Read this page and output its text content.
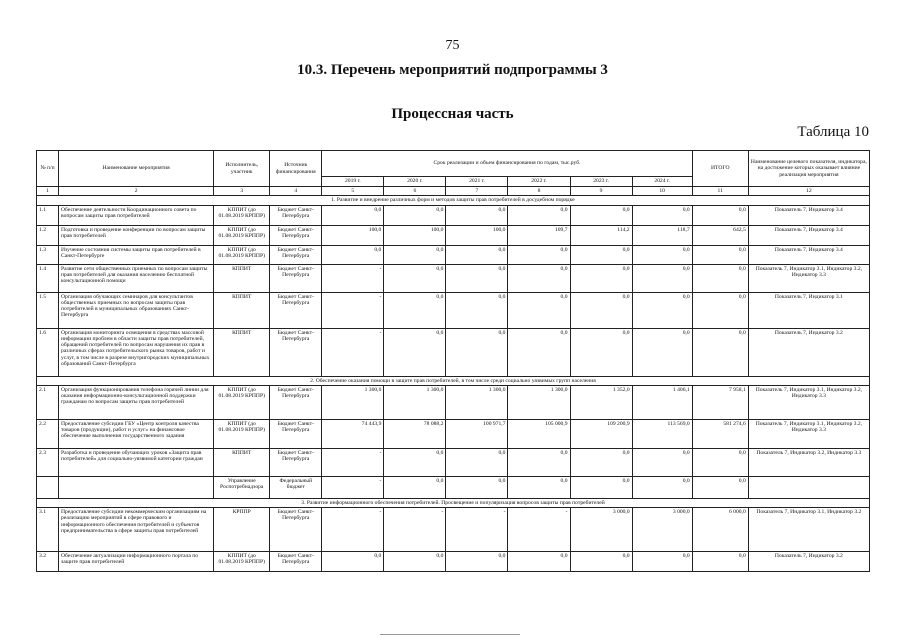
75
10.3. Перечень мероприятий подпрограммы 3
Процессная часть
Таблица 10
№ п/п	Наименование мероприятия	Исполнитель, участник	Источник финансирования	Срок реализации и объем финансирования по годам, тыс.руб.						ИТОГО	Наименование целевого показателя, индикатора, на достижение которых оказывает влияние реализация мероприятия
				2019 г.	2020 г.	2021 г.	2022 г.	2023 г.	2024 г.		
1	2	3	4	5	6	7	8	9	10	11	12
1. Развитие и внедрение различных форм и методов защиты прав потребителей в досудебном порядке											
1.1	Обеспечение деятельности Координационного совета по вопросам защиты прав потребителей	КППИТ (до 01.08.2019 КРППР)	Бюджет Санкт-Петербурга	0,0	0,0	0,0	0,0	0,0	0,0	0,0	Показатель 7, Индикатор 3.4
1.2	Подготовка и проведение конференции по вопросам защиты прав потребителей	КППИТ (до 01.08.2019 КРППР)	Бюджет Санкт-Петербурга	100,0	100,0	100,0	109,7	114,2	118,7	642,5	Показатель 7, Индикатор 3.4
1.3	Изучение состояния системы защиты прав потребителей в Санкт-Петербурге	КППИТ (до 01.08.2019 КРППР)	Бюджет Санкт-Петербурга	0,0	0,0	0,0	0,0	0,0	0,0	0,0	Показатель 7, Индикатор 3.4
1.4	Развитие сети общественных приемных по вопросам защиты прав потребителей для оказания населению бесплатной консультационной помощи	КППИТ	Бюджет Санкт-Петербурга	-	0,0	0,0	0,0	0,0	0,0	0,0	Показатель 7, Индикатор 3.1, Индикатор 3.2, Индикатор 3.3
1.5	Организация обучающих семинаров для консультантов общественных приемных по вопросам защиты прав потребителей в муниципальных образованиях Санкт-Петербурга	КППИТ	Бюджет Санкт-Петербурга	-	0,0	0,0	0,0	0,0	0,0	0,0	Показатель 7, Индикатор 3.1
1.6	Организация мониторинга освещения в средствах массовой информации проблем в области защиты прав потребителей, обращений потребителей по вопросам нарушения их прав в различных сферах потребительского рынка товаров, работ и услуг, в том числе в разрезе внутригородских муниципальных образований Санкт-Петербурга	КППИТ	Бюджет Санкт-Петербурга	-	0,0	0,0	0,0	0,0	0,0	0,0	Показатель 7, Индикатор 3.2
2. Обеспечение оказания помощи в защите прав потребителей, в том числе среди социально уязвимых групп населения											
2.1	Организация функционирования телефона горячей линии для оказания информационно-консультационной поддержки гражданам по вопросам защиты прав потребителей	КППИТ (до 01.08.2019 КРППР)	Бюджет Санкт-Петербурга	1 300,0	1 300,0	1 300,0	1 300,0	1 352,0	1 406,1	7 958,1	Показатель 7, Индикатор 3.1, Индикатор 3.2, Индикатор 3.3
2.2	Предоставление субсидии ГБУ «Центр контроля качества товаров (продукции), работ и услуг» на финансовое обеспечение выполнения государственного задания	КППИТ (до 01.08.2019 КРППР)	Бюджет Санкт-Петербурга	74 443,9	78 088,2	100 971,7	105 000,9	109 200,9	113 569,0	581 274,6	Показатель 7, Индикатор 3.1, Индикатор 3.2, Индикатор 3.3
2.3	Разработка и проведение обучающих уроков «Защита прав потребителей» для социально-уязвимой категории граждан	КППИТ	Бюджет Санкт-Петербурга	-	0,0	0,0	0,0	0,0	0,0	0,0	Показатель 7, Индикатор 3.2, Индикатор 3.3
		Управление Роспотребнадзора	Федеральный бюджет	-	0,0	0,0	0,0	0,0	0,0	0,0	
3. Развитие информационного обеспечения потребителей. Просвещение и популяризация вопросов защиты прав потребителей											
3.1	Предоставление субсидии некоммерческим организациям на реализацию мероприятий в сфере правового и информационного обеспечения потребителей и субъектов предпринимательства в сфере защиты прав потребителей	КРППР	Бюджет Санкт-Петербурга	-	-	-	-	3 000,0	3 000,0	6 000,0	Показатель 7, Индикатор 3.1, Индикатор 3.2
3.2	Обеспечение актуализации информационного портала по защите прав потребителей	КППИТ (до 01.08.2019 КРППР)	Бюджет Санкт-Петербурга	0,0	0,0	0,0	0,0	0,0	0,0	0,0	Показатель 7, Индикатор 3.2
